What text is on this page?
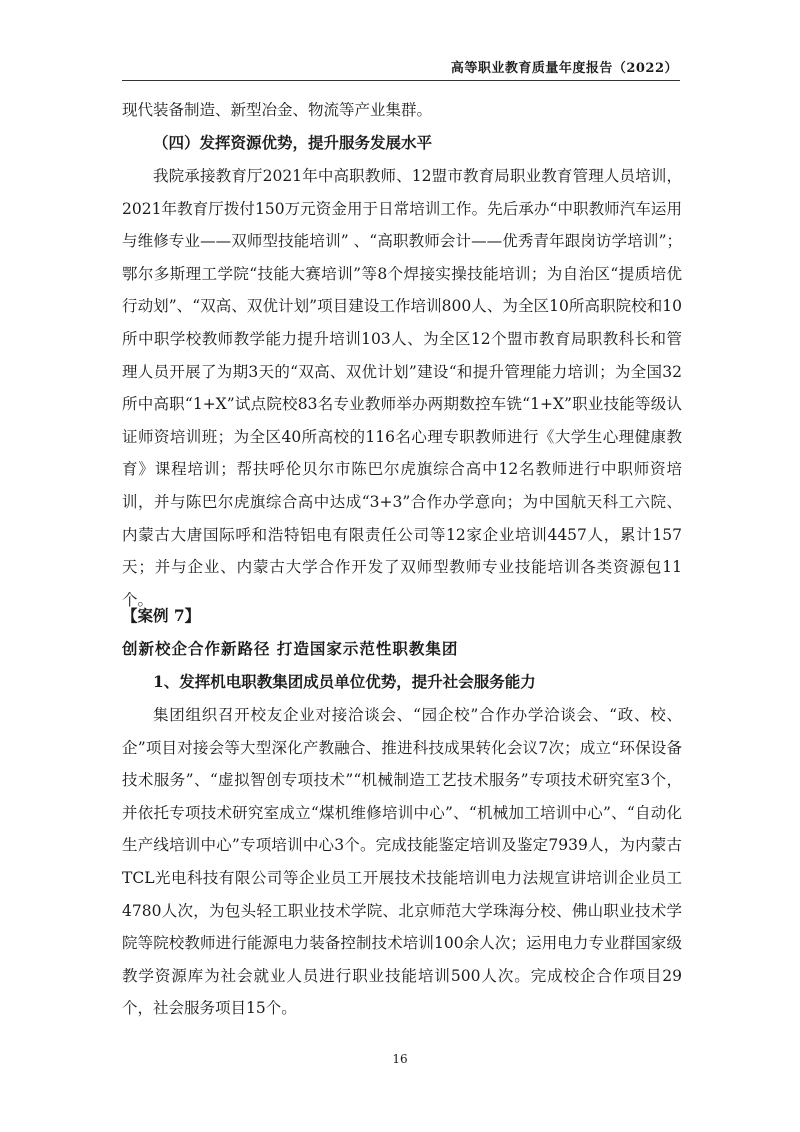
高等职业教育质量年度报告（2022）

现代装备制造、新型冶金、物流等产业集群。

（四）发挥资源优势，提升服务发展水平

我院承接教育厅2021年中高职教师、12盟市教育局职业教育管理人员培训，2021年教育厅拨付150万元资金用于日常培训工作。先后承办“中职教师汽车运用与维修专业——双师型技能培训” 、“高职教师会计——优秀青年跟岗访学培训”；鄂尔多斯理工学院“技能大赛培训”等8个焊接实操技能培训；为自治区“提质培优行动划”、“双高、双优计划”项目建设工作培训800人、为全区10所高职院校和10所中职学校教师教学能力提升培训103人、为全区12个盟市教育局职教科长和管理人员开展了为期3天的“双高、双优计划”建设“和提升管理能力培训；为全国32所中高职“1+X”试点院校83名专业教师举办两期数控车铣“1+X”职业技能等级认证师资培训班；为全区40所高校的116名心理专职教师进行《大学生心理健康教育》课程培训；帮扶呼伦贝尔市陈巴尔虎旗综合高中12名教师进行中职师资培训，并与陈巴尔虎旗综合高中达成“3+3”合作办学意向；为中国航天科工六院、内蒙古大唐国际呼和浩特铝电有限责任公司等12家企业培训4457人，累计157天；并与企业、内蒙古大学合作开发了双师型教师专业技能培训各类资源包11个。

【案例 7】

创新校企合作新路径 打造国家示范性职教集团

1、发挥机电职教集团成员单位优势，提升社会服务能力

集团组织召开校友企业对接洽谈会、“园企校”合作办学洽谈会、“政、校、企”项目对接会等大型深化产教融合、推进科技成果转化会议7次；成立“环保设备技术服务”、“虚拟智创专项技术”“机械制造工艺技术服务”专项技术研究室3个，并依托专项技术研究室成立“煤机维修培训中心”、“机械加工培训中心”、“自动化生产线培训中心”专项培训中心3个。完成技能鉴定培训及鉴定7939人，为内蒙古TCL光电科技有限公司等企业员工开展技术技能培训电力法规宣讲培训企业员工4780人次，为包头轻工职业技术学院、北京师范大学珠海分校、佛山职业技术学院等院校教师进行能源电力装备控制技术培训100余人次；运用电力专业群国家级教学资源库为社会就业人员进行职业技能培训500人次。完成校企合作项目29个，社会服务项目15个。

16
